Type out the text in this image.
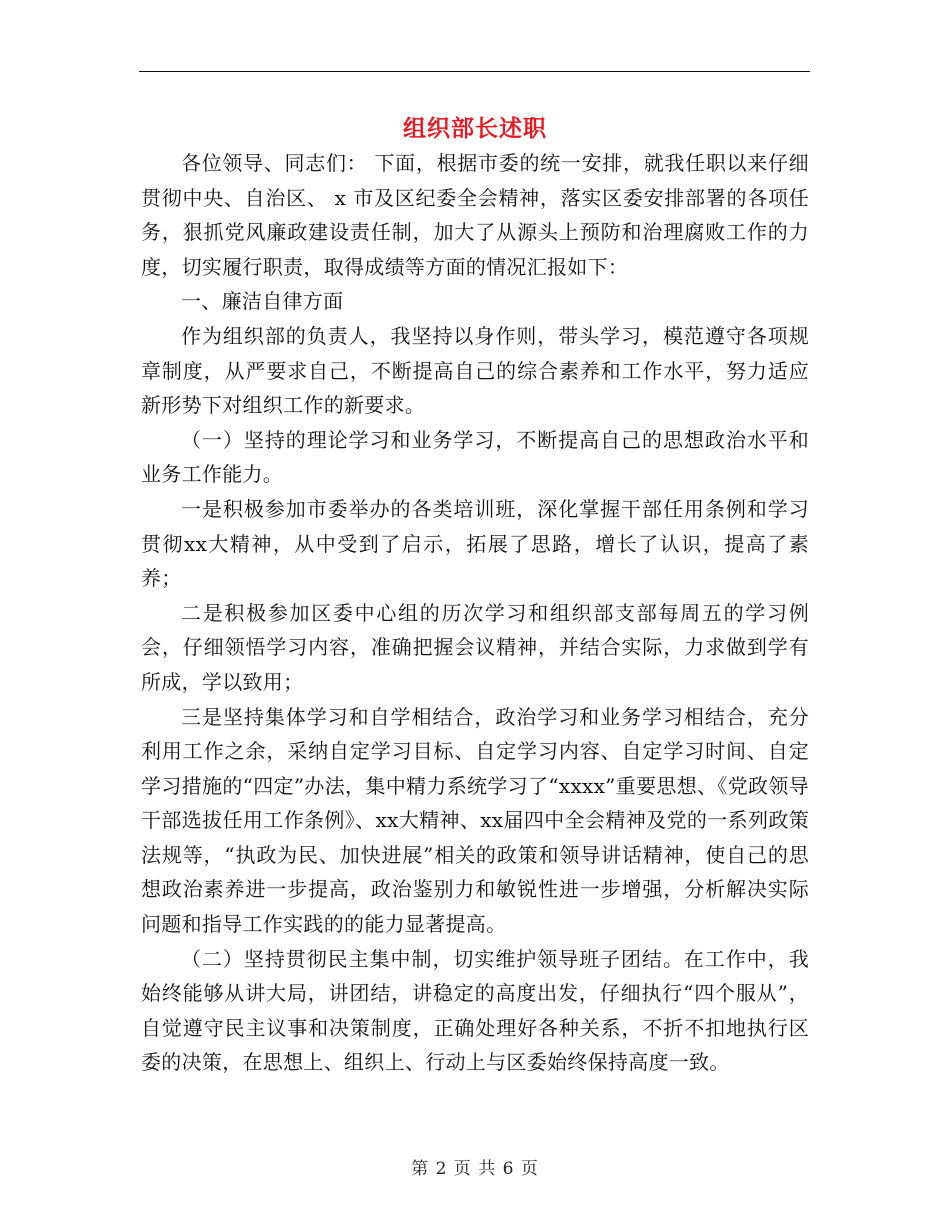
组织部长述职

各位领导、同志们： 下面，根据市委的统一安排，就我任职以来仔细贯彻中央、自治区、 x 市及区纪委全会精神，落实区委安排部署的各项任务，狠抓党风廉政建设责任制，加大了从源头上预防和治理腐败工作的力度，切实履行职责，取得成绩等方面的情况汇报如下：

一、廉洁自律方面

作为组织部的负责人，我坚持以身作则，带头学习，模范遵守各项规章制度，从严要求自己，不断提高自己的综合素养和工作水平，努力适应新形势下对组织工作的新要求。

（一）坚持的理论学习和业务学习，不断提高自己的思想政治水平和业务工作能力。

一是积极参加市委举办的各类培训班，深化掌握干部任用条例和学习贯彻xx大精神，从中受到了启示，拓展了思路，增长了认识，提高了素养；

二是积极参加区委中心组的历次学习和组织部支部每周五的学习例会，仔细领悟学习内容，准确把握会议精神，并结合实际，力求做到学有所成，学以致用；

三是坚持集体学习和自学相结合，政治学习和业务学习相结合，充分利用工作之余，采纳自定学习目标、自定学习内容、自定学习时间、自定学习措施的“四定”办法，集中精力系统学习了“xxxx”重要思想、《党政领导干部选拔任用工作条例》、xx大精神、xx届四中全会精神及党的一系列政策法规等，“执政为民、加快进展”相关的政策和领导讲话精神，使自己的思想政治素养进一步提高，政治鉴别力和敏锐性进一步增强，分析解决实际问题和指导工作实践的的能力显著提高。

（二）坚持贯彻民主集中制，切实维护领导班子团结。在工作中，我始终能够从讲大局，讲团结，讲稳定的高度出发，仔细执行“四个服从”，自觉遵守民主议事和决策制度，正确处理好各种关系，不折不扣地执行区委的决策，在思想上、组织上、行动上与区委始终保持高度一致。

第 2 页 共 6 页
